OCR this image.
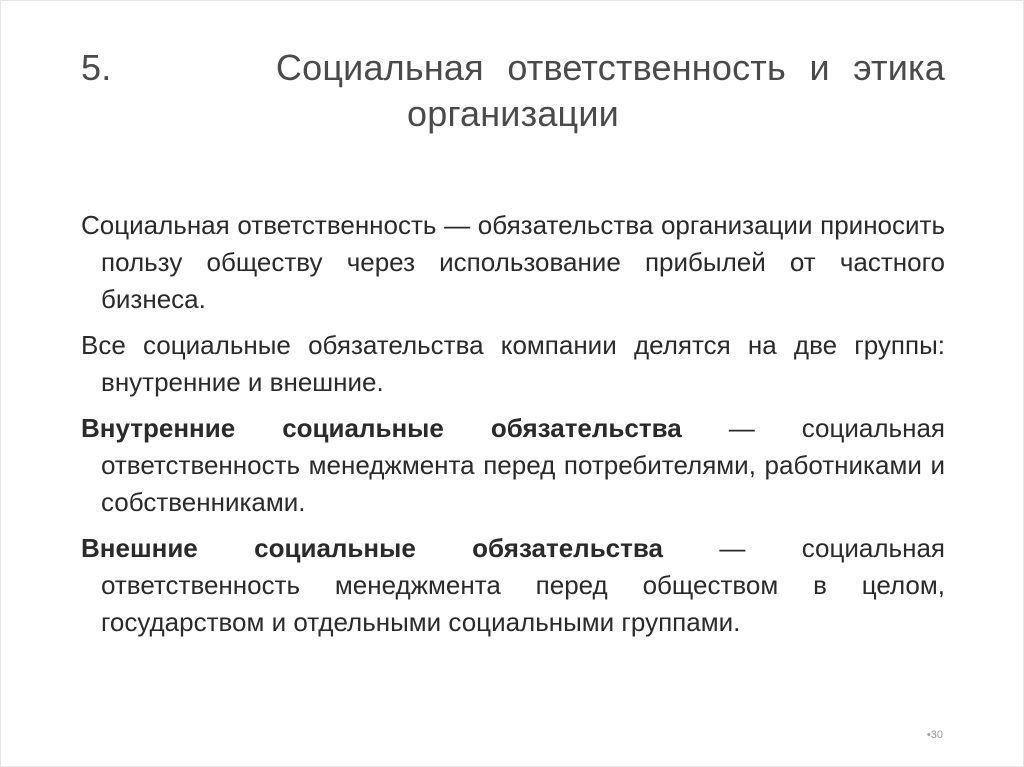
5.       Социальная ответственность и этика организации

Социальная ответственность — обязательства организации приносить пользу обществу через использование прибылей от частного бизнеса.

Все социальные обязательства компании делятся на две группы: внутренние и внешние.

Внутренние социальные обязательства — социальная ответственность менеджмента перед потребителями, работниками и собственниками.

Внешние социальные обязательства — социальная ответственность менеджмента перед обществом в целом, государством и отдельными социальными группами.

•30
